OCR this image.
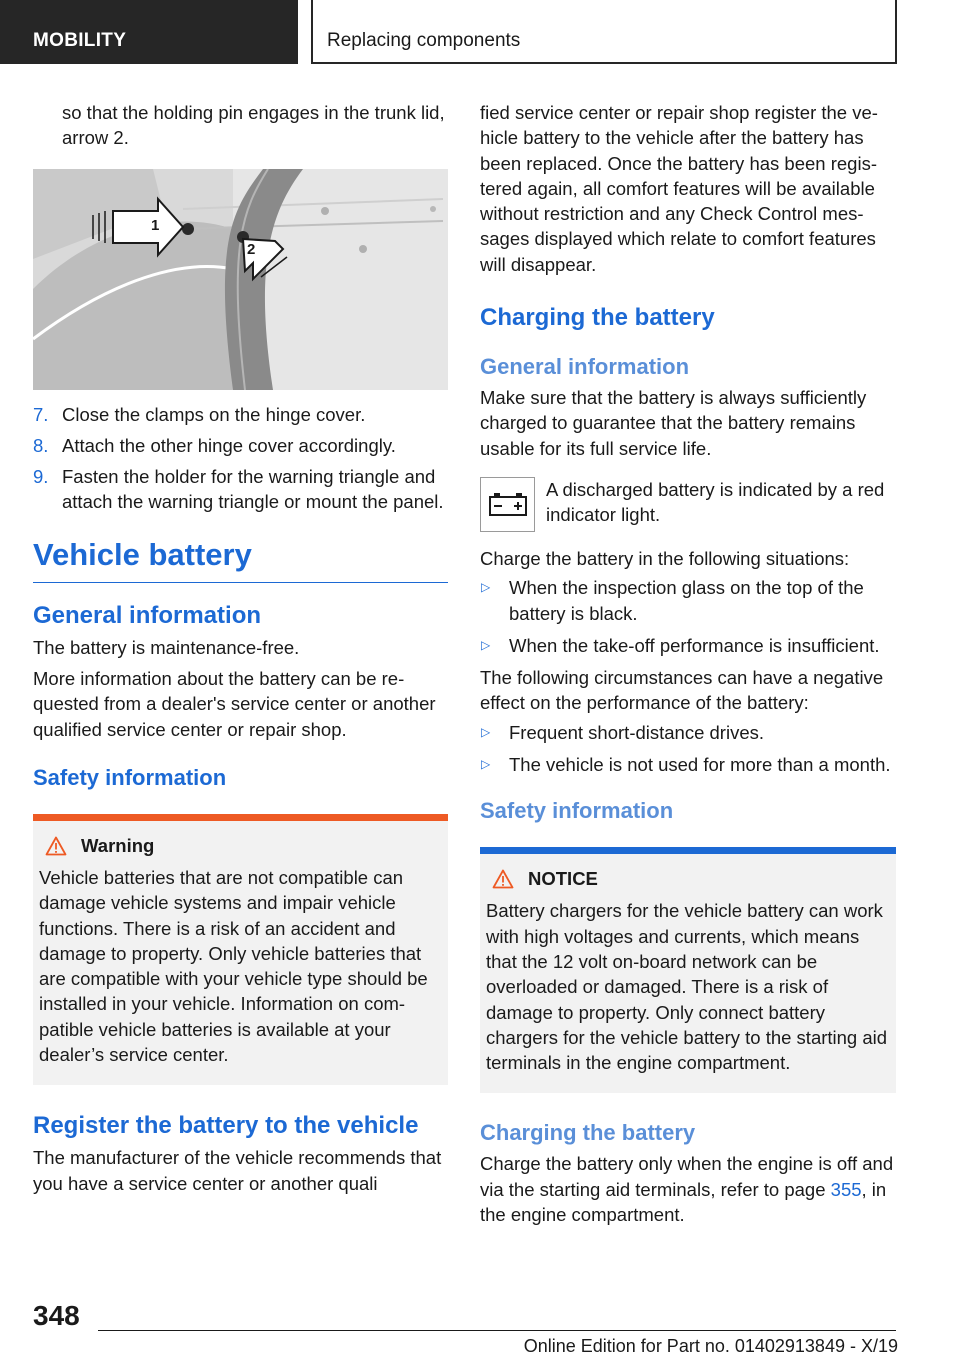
MOBILITY	Replacing components

so that the holding pin engages in the trunk lid, arrow 2.

1
2
7. Close the clamps on the hinge cover.
8. Attach the other hinge cover accordingly.
9. Fasten the holder for the warning triangle and attach the warning triangle or mount the panel.
Vehicle battery
General information

The battery is maintenance-free.

More information about the battery can be requested from a dealer's service center or another qualified service center or repair shop.

Safety information
Warning

Vehicle batteries that are not compatible can damage vehicle systems and impair vehicle functions. There is a risk of an accident and damage to property. Only vehicle batteries that are compatible with your vehicle type should be installed in your vehicle. Information on compatible vehicle batteries is available at your dealer’s service center.

Register the battery to the vehicle

The manufacturer of the vehicle recommends that you have a service center or another quali

fied service center or repair shop register the vehicle battery to the vehicle after the battery has been replaced. Once the battery has been registered again, all comfort features will be available without restriction and any Check Control messages displayed which relate to comfort features will disappear.

Charging the battery
General information

Make sure that the battery is always sufficiently charged to guarantee that the battery remains usable for its full service life.

A discharged battery is indicated by a red indicator light.

Charge the battery in the following situations:

▷ When the inspection glass on the top of the battery is black.
▷ When the take-off performance is insufficient.

The following circumstances can have a negative effect on the performance of the battery:

▷ Frequent short-distance drives.
▷ The vehicle is not used for more than a month.
Safety information
NOTICE

Battery chargers for the vehicle battery can work with high voltages and currents, which means that the 12 volt on-board network can be overloaded or damaged. There is a risk of damage to property. Only connect battery chargers for the vehicle battery to the starting aid terminals in the engine compartment.

Charging the battery

Charge the battery only when the engine is off and via the starting aid terminals, refer to page 355, in the engine compartment.

348
Online Edition for Part no. 01402913849 - X/19
